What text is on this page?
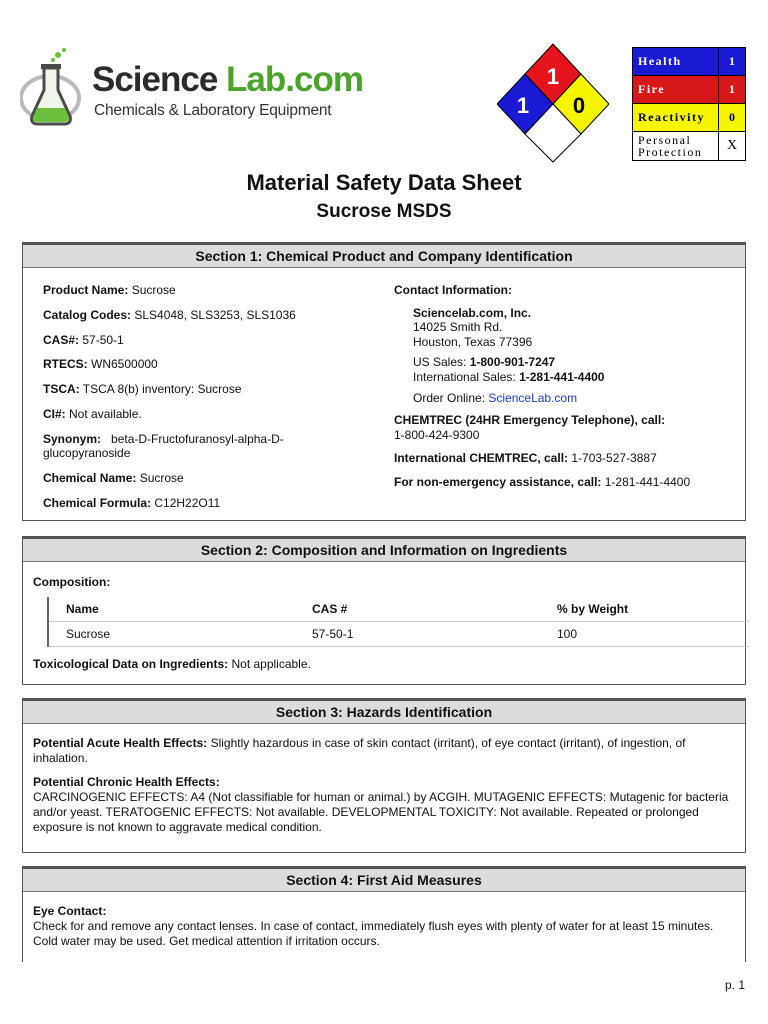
Science Lab.com
Chemicals & Laboratory Equipment
1
1 0
Health	1
Fire	1
Reactivity	0
Personal
Protection	X
Material Safety Data Sheet
Sucrose MSDS
Section 1: Chemical Product and Company Identification
Product Name: Sucrose
Catalog Codes: SLS4048, SLS3253, SLS1036
CAS#: 57-50-1
RTECS: WN6500000
TSCA: TSCA 8(b) inventory: Sucrose
CI#: Not available.
Synonym:   beta-D-Fructofuranosyl-alpha-D-glucopyranoside
Chemical Name: Sucrose
Chemical Formula: C12H22O11
Contact Information:
Sciencelab.com, Inc.
14025 Smith Rd.
Houston, Texas 77396
US Sales: 1-800-901-7247
International Sales: 1-281-441-4400
Order Online: ScienceLab.com
CHEMTREC (24HR Emergency Telephone), call:
1-800-424-9300
International CHEMTREC, call: 1-703-527-3887
For non-emergency assistance, call: 1-281-441-4400
Section 2: Composition and Information on Ingredients
Composition:
Name	CAS #	% by Weight
Sucrose	57-50-1	100
Toxicological Data on Ingredients: Not applicable.
Section 3: Hazards Identification

Potential Acute Health Effects: Slightly hazardous in case of skin contact (irritant), of eye contact (irritant), of ingestion, of inhalation.

Potential Chronic Health Effects:
CARCINOGENIC EFFECTS: A4 (Not classifiable for human or animal.) by ACGIH. MUTAGENIC EFFECTS: Mutagenic for bacteria and/or yeast. TERATOGENIC EFFECTS: Not available. DEVELOPMENTAL TOXICITY: Not available. Repeated or prolonged exposure is not known to aggravate medical condition.

Section 4: First Aid Measures
Eye Contact:
Check for and remove any contact lenses. In case of contact, immediately flush eyes with plenty of water for at least 15 minutes. Cold water may be used. Get medical attention if irritation occurs.
p. 1
